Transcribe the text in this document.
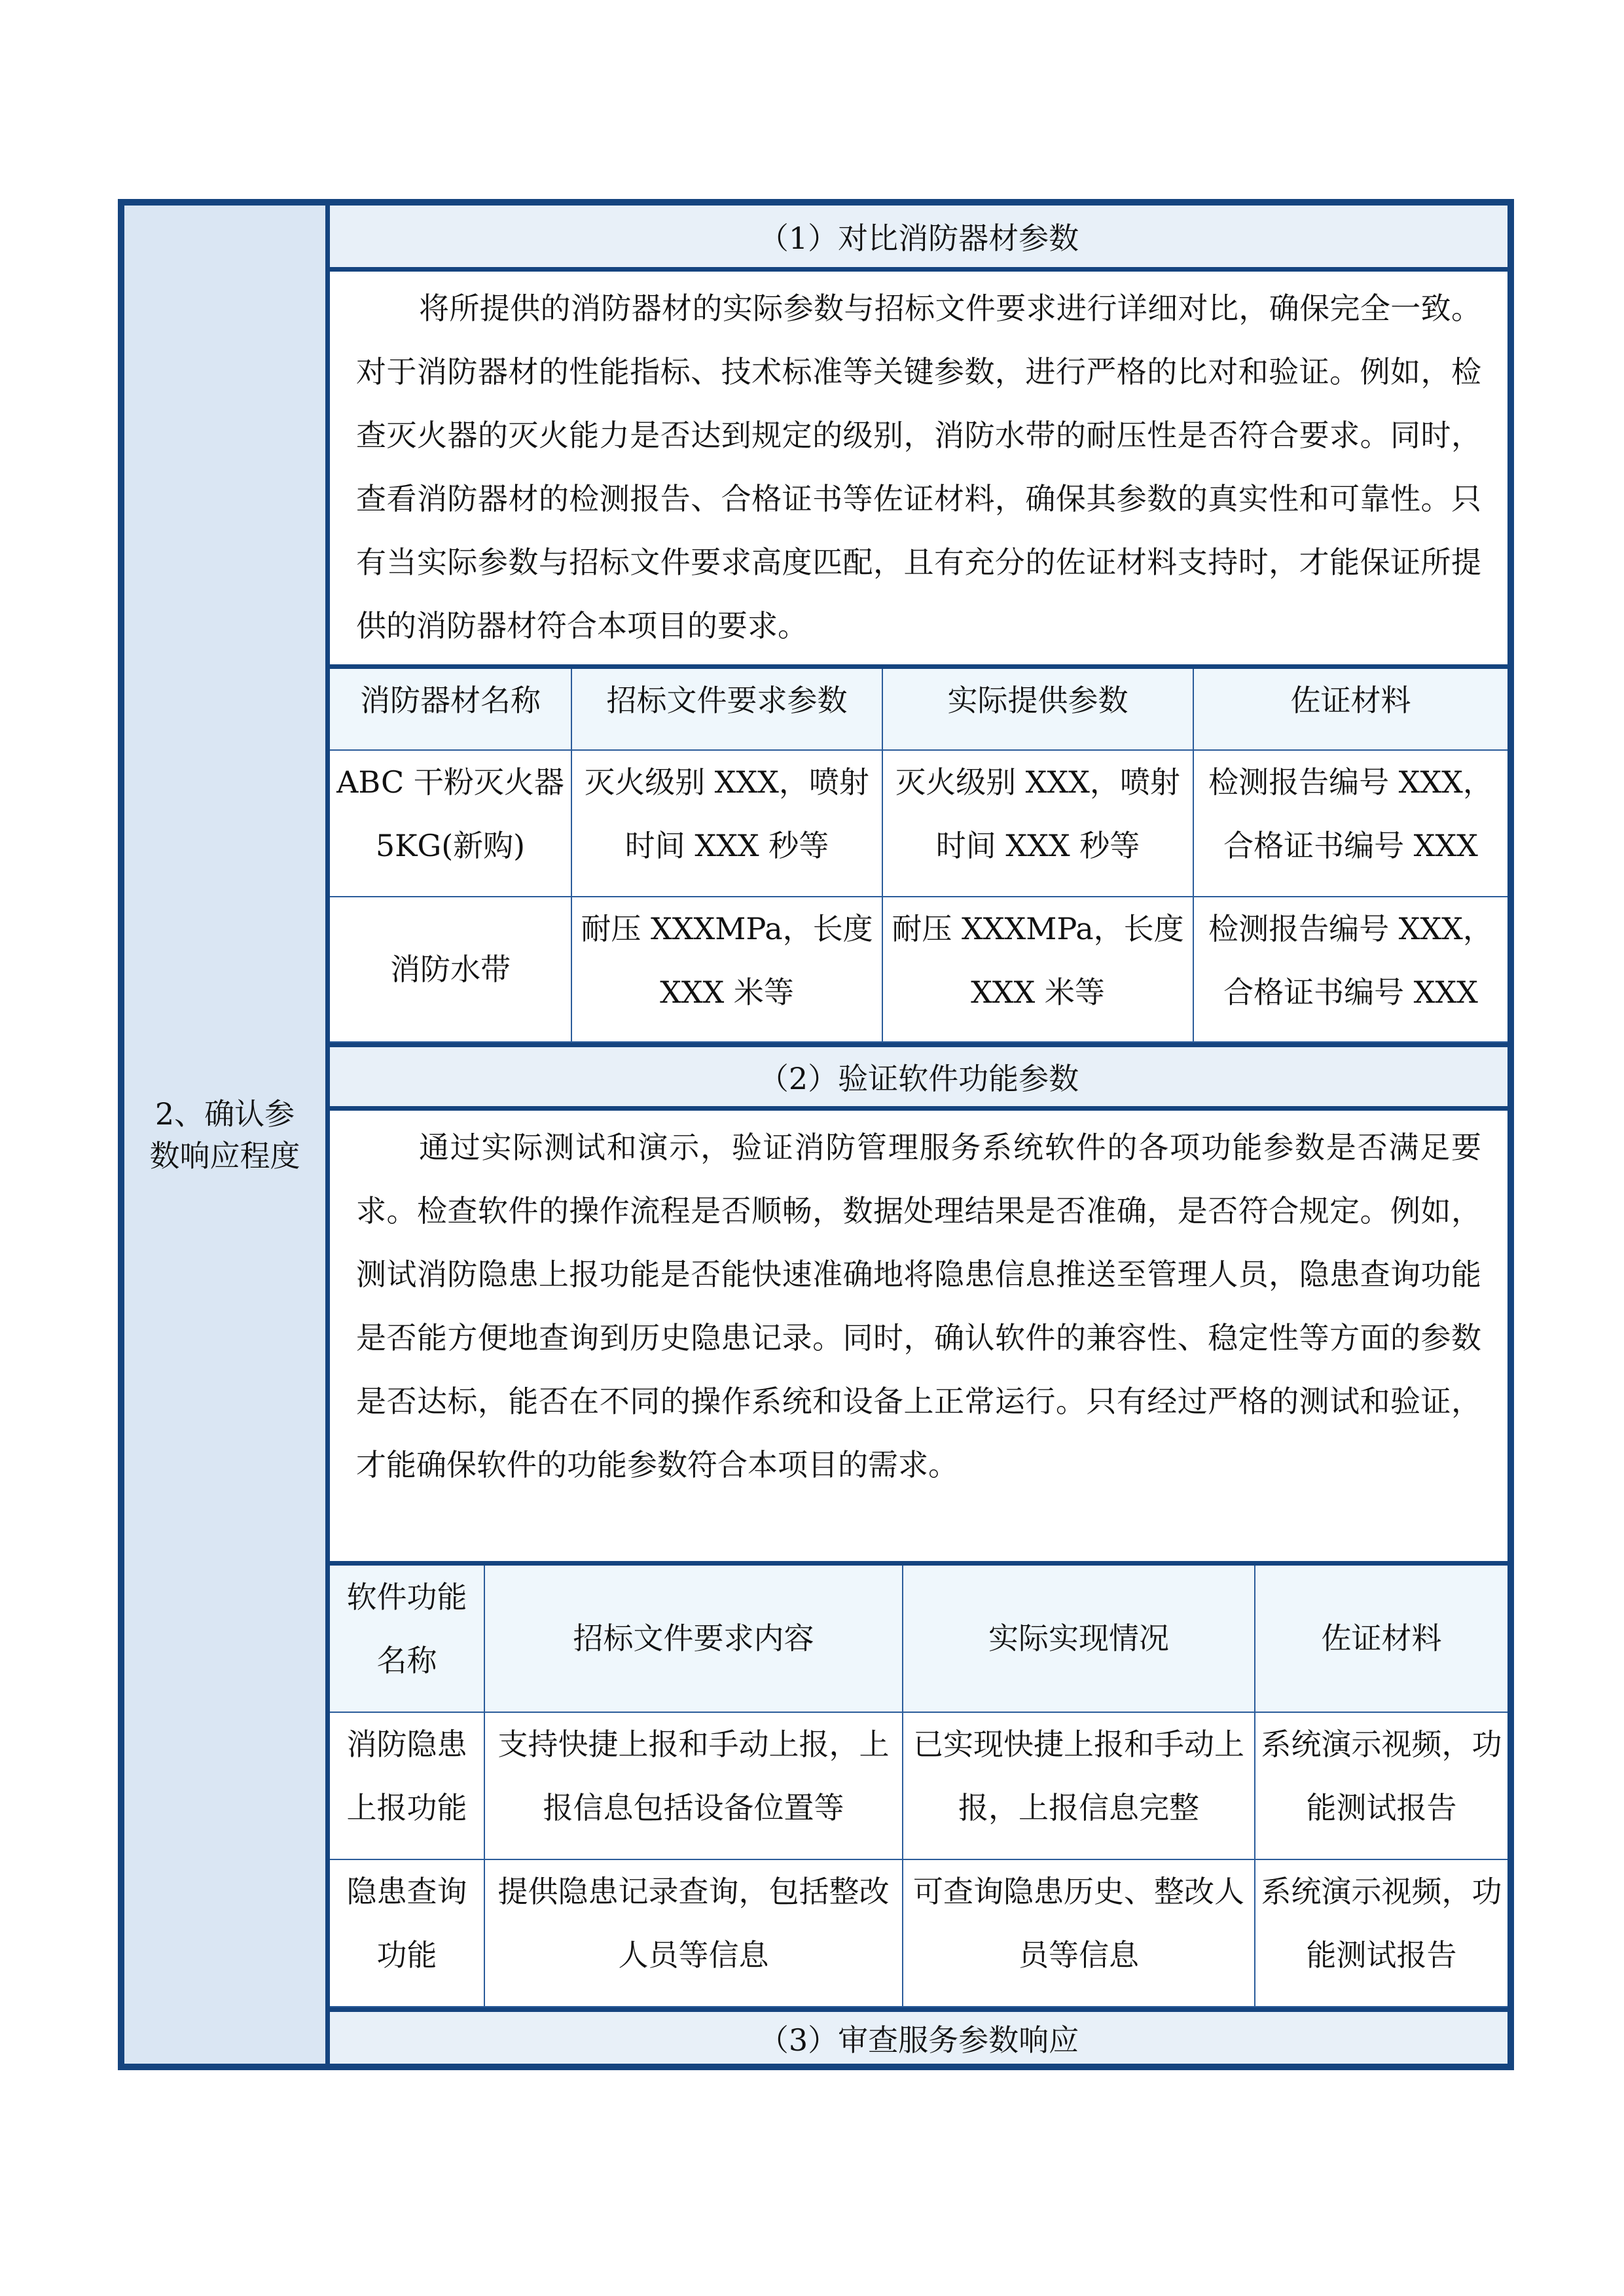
2、确认参数响应程度
（1）对比消防器材参数
将所提供的消防器材的实际参数与招标文件要求进行详细对比，确保完全一致。对于消防器材的性能指标、技术标准等关键参数，进行严格的比对和验证。例如，检查灭火器的灭火能力是否达到规定的级别，消防水带的耐压性是否符合要求。同时，查看消防器材的检测报告、合格证书等佐证材料，确保其参数的真实性和可靠性。只有当实际参数与招标文件要求高度匹配，且有充分的佐证材料支持时，才能保证所提供的消防器材符合本项目的要求。
消防器材名称	招标文件要求参数	实际提供参数	佐证材料
ABC 干粉灭火器 5KG(新购)	灭火级别 XXX，喷射时间 XXX 秒等	灭火级别 XXX，喷射时间 XXX 秒等	检测报告编号 XXX，合格证书编号 XXX
消防水带	耐压 XXXMPa，长度 XXX 米等	耐压 XXXMPa，长度 XXX 米等	检测报告编号 XXX，合格证书编号 XXX
（2）验证软件功能参数
通过实际测试和演示，验证消防管理服务系统软件的各项功能参数是否满足要求。检查软件的操作流程是否顺畅，数据处理结果是否准确，是否符合规定。例如，测试消防隐患上报功能是否能快速准确地将隐患信息推送至管理人员，隐患查询功能是否能方便地查询到历史隐患记录。同时，确认软件的兼容性、稳定性等方面的参数是否达标，能否在不同的操作系统和设备上正常运行。只有经过严格的测试和验证，才能确保软件的功能参数符合本项目的需求。
软件功能名称	招标文件要求内容	实际实现情况	佐证材料
消防隐患上报功能	支持快捷上报和手动上报，上报信息包括设备位置等	已实现快捷上报和手动上报，上报信息完整	系统演示视频，功能测试报告
隐患查询功能	提供隐患记录查询，包括整改人员等信息	可查询隐患历史、整改人员等信息	系统演示视频，功能测试报告
（3）审查服务参数响应
